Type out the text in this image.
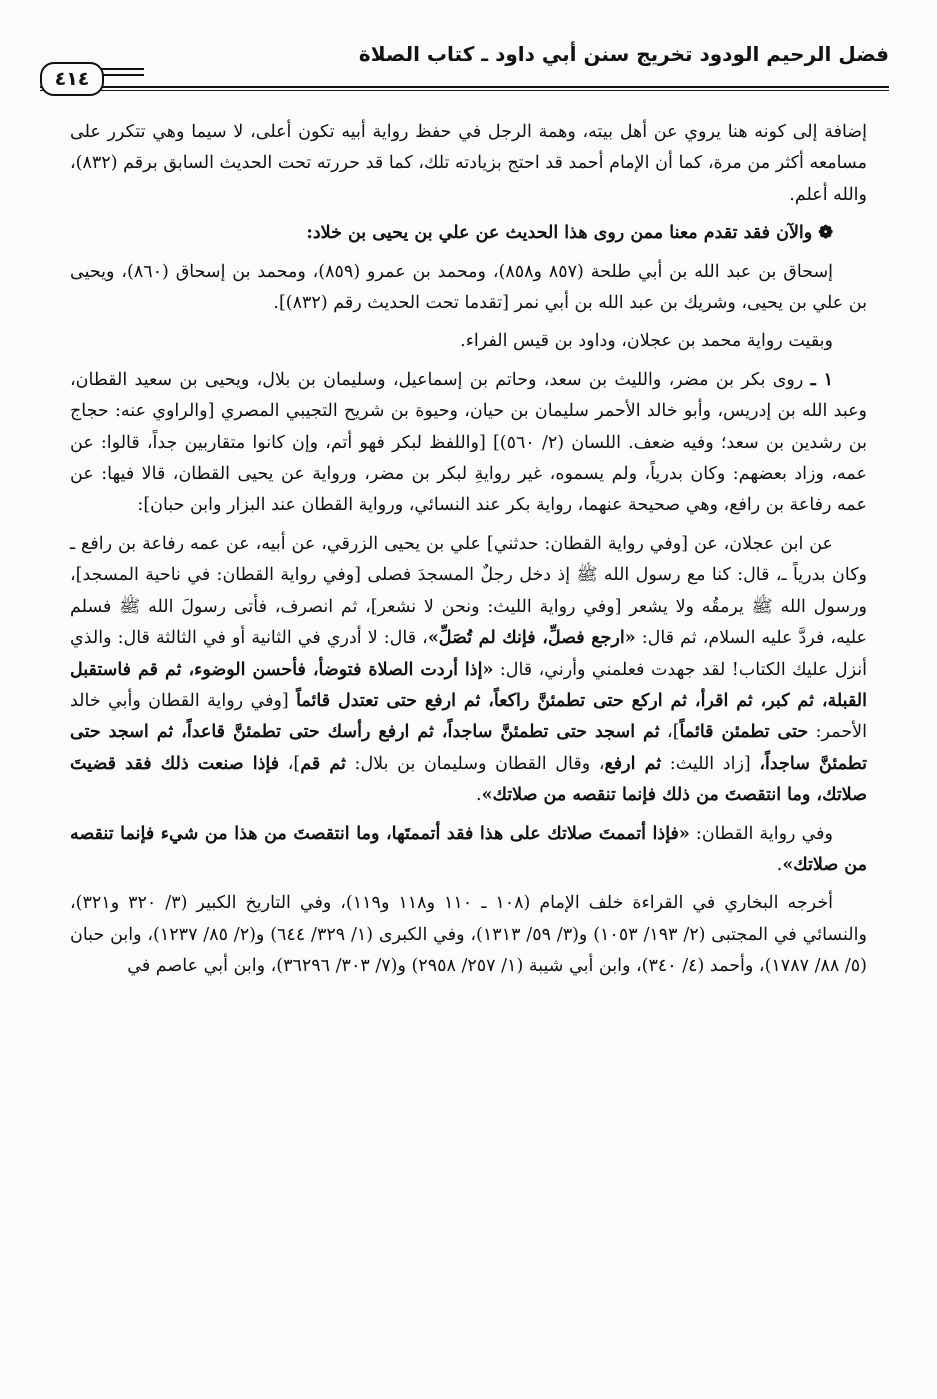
فضل الرحيم الودود تخريج سنن أبي داود ـ كتاب الصلاة
٤١٤

إضافة إلى كونه هنا يروي عن أهل بيته، وهمة الرجل في حفظ رواية أبيه تكون أعلى، لا سيما وهي تتكرر على مسامعه أكثر من مرة، كما أن الإمام أحمد قد احتج بزيادته تلك، كما قد حررته تحت الحديث السابق برقم (٨٣٢)، والله أعلم.

❁ والآن فقد تقدم معنا ممن روى هذا الحديث عن علي بن يحيى بن خلاد:

إسحاق بن عبد الله بن أبي طلحة (٨٥٧ و٨٥٨)، ومحمد بن عمرو (٨٥٩)، ومحمد بن إسحاق (٨٦٠)، ويحيى بن علي بن يحيى، وشريك بن عبد الله بن أبي نمر [تقدما تحت الحديث رقم (٨٣٢)].

وبقيت رواية محمد بن عجلان، وداود بن قيس الفراء.

١ ـ روى بكر بن مضر، والليث بن سعد، وحاتم بن إسماعيل، وسليمان بن بلال، ويحيى بن سعيد القطان، وعبد الله بن إدريس، وأبو خالد الأحمر سليمان بن حيان، وحيوة بن شريح التجيبي المصري [والراوي عنه: حجاج بن رشدين بن سعد؛ وفيه ضعف. اللسان (٢/ ٥٦٠)] [واللفظ لبكر فهو أتم، وإن كانوا متقاربين جداً، قالوا: عن عمه، وزاد بعضهم: وكان بدرياً، ولم يسموه، غير روايةِ لبكر بن مضر، ورواية عن يحيى القطان، قالا فيها: عن عمه رفاعة بن رافع، وهي صحيحة عنهما، رواية بكر عند النسائي، ورواية القطان عند البزار وابن حبان]:

عن ابن عجلان، عن [وفي رواية القطان: حدثني] علي بن يحيى الزرقي، عن أبيه، عن عمه رفاعة بن رافع ـ وكان بدرياً ـ، قال: كنا مع رسول الله ﷺ إذ دخل رجلٌ المسجدَ فصلى [وفي رواية القطان: في ناحية المسجد]، ورسول الله ﷺ يرمقُه ولا يشعر [وفي رواية الليث: ونحن لا نشعر]، ثم انصرف، فأتى رسولَ الله ﷺ فسلم عليه، فردَّ عليه السلام، ثم قال: «ارجع فصلِّ، فإنك لم تُصَلِّ»، قال: لا أدري في الثانية أو في الثالثة قال: والذي أنزل عليك الكتاب! لقد جهدت فعلمني وأرني، قال: «إذا أردت الصلاة فتوضأ، فأحسن الوضوء، ثم قم فاستقبل القبلة، ثم كبر، ثم اقرأ، ثم اركع حتى تطمئنَّ راكعاً، ثم ارفع حتى تعتدل قائماً [وفي رواية القطان وأبي خالد الأحمر: حتى تطمئن قائماً]، ثم اسجد حتى تطمئنَّ ساجداً، ثم ارفع رأسك حتى تطمئنَّ قاعداً، ثم اسجد حتى تطمئنَّ ساجداً، [زاد الليث: ثم ارفع، وقال القطان وسليمان بن بلال: ثم قم]، فإذا صنعت ذلك فقد قضيتَ صلاتك، وما انتقصتَ من ذلك فإنما تنقصه من صلاتك».

وفي رواية القطان: «فإذا أتممتَ صلاتك على هذا فقد أتممتَها، وما انتقصتَ من هذا من شيء فإنما تنقصه من صلاتك».

أخرجه البخاري في القراءة خلف الإمام (١٠٨ ـ ١١٠ و١١٨ و١١٩)، وفي التاريخ الكبير (٣/ ٣٢٠ و٣٢١)، والنسائي في المجتبى (٢/ ١٩٣/ ١٠٥٣) و(٣/ ٥٩/ ١٣١٣)، وفي الكبرى (١/ ٣٢٩/ ٦٤٤) و(٢/ ٨٥/ ١٢٣٧)، وابن حبان (٥/ ٨٨/ ١٧٨٧)، وأحمد (٤/ ٣٤٠)، وابن أبي شيبة (١/ ٢٥٧/ ٢٩٥٨) و(٧/ ٣٠٣/ ٣٦٢٩٦)، وابن أبي عاصم في
